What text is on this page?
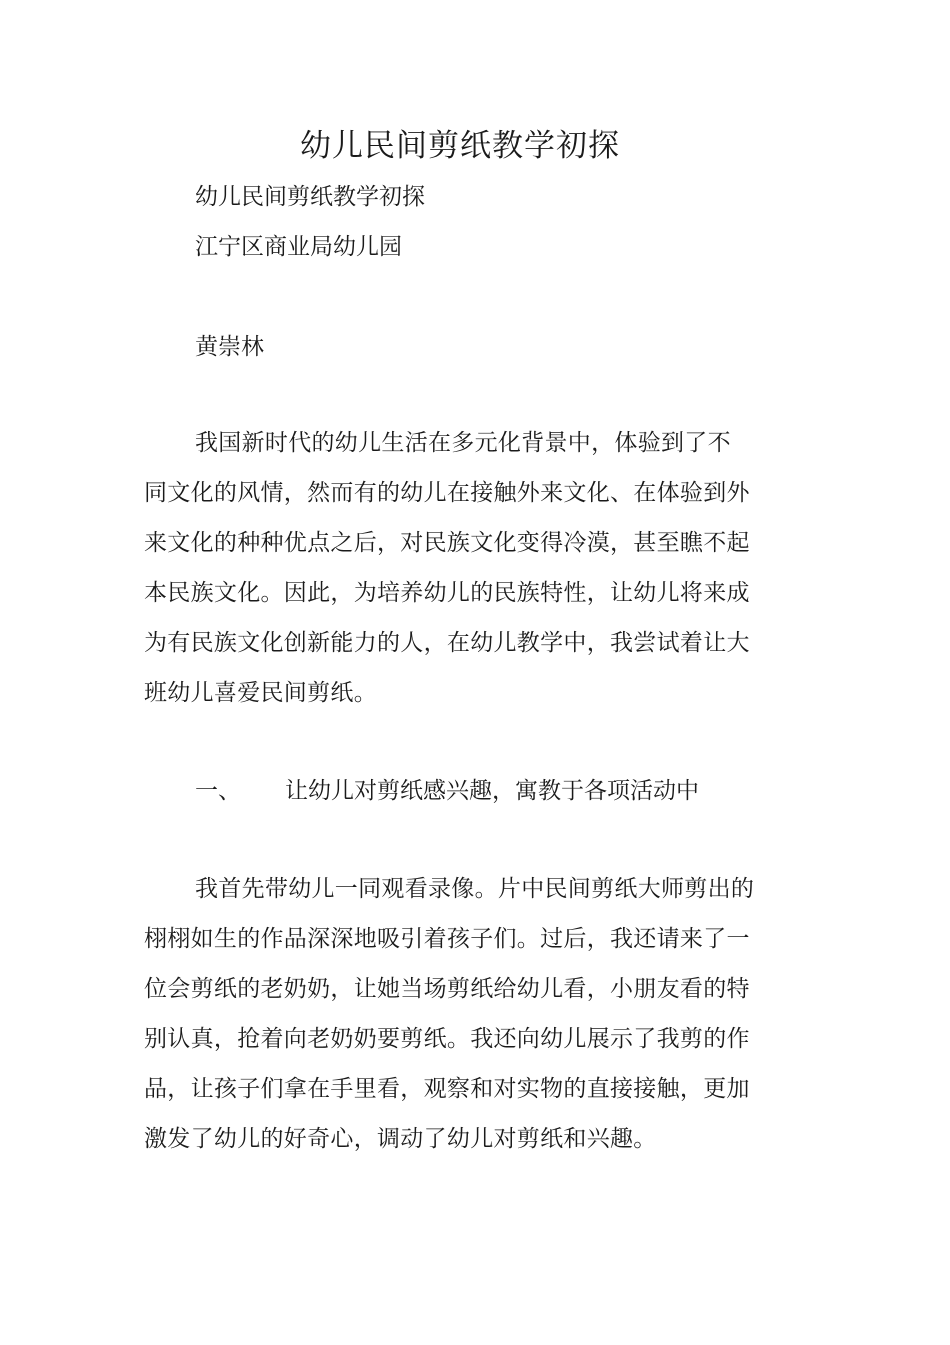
幼儿民间剪纸教学初探

幼儿民间剪纸教学初探

江宁区商业局幼儿园

黄崇林

我国新时代的幼儿生活在多元化背景中，体验到了不
同文化的风情，然而有的幼儿在接触外来文化、在体验到外
来文化的种种优点之后，对民族文化变得冷漠，甚至瞧不起
本民族文化。因此，为培养幼儿的民族特性，让幼儿将来成
为有民族文化创新能力的人，在幼儿教学中，我尝试着让大
班幼儿喜爱民间剪纸。
一、 让幼儿对剪纸感兴趣，寓教于各项活动中
我首先带幼儿一同观看录像。片中民间剪纸大师剪出的
栩栩如生的作品深深地吸引着孩子们。过后，我还请来了一
位会剪纸的老奶奶，让她当场剪纸给幼儿看，小朋友看的特
别认真，抢着向老奶奶要剪纸。我还向幼儿展示了我剪的作
品，让孩子们拿在手里看，观察和对实物的直接接触，更加
激发了幼儿的好奇心，调动了幼儿对剪纸和兴趣。
